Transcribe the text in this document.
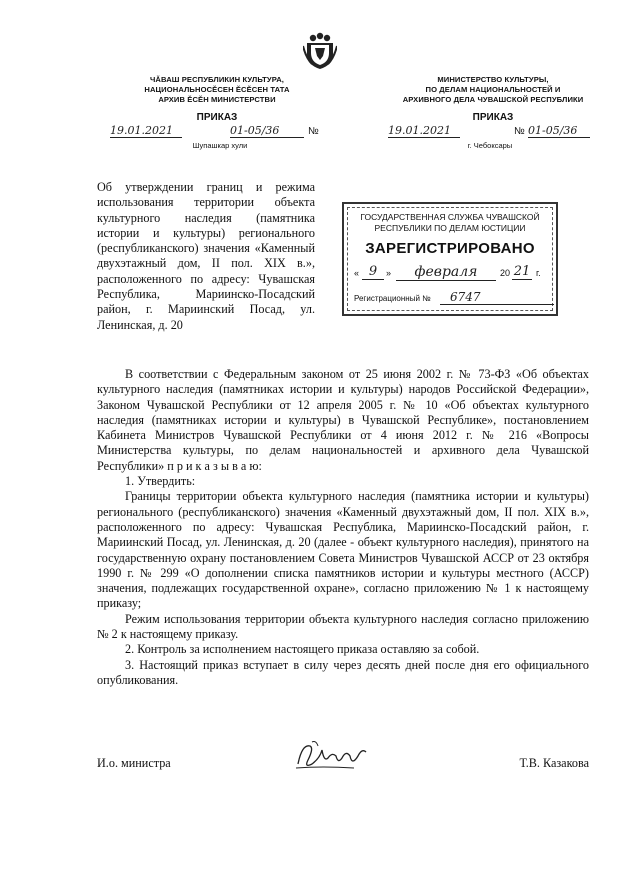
ЧĂВАШ РЕСПУБЛИКИН КУЛЬТУРА,
НАЦИОНАЛЬНОСĔСЕН ĔСĔСЕН ТАТА
АРХИВ ĔСĔН МИНИСТЕРСТВИ
ПРИКАЗ
19.01.2021	01-05/36	№
Шупашкар хули
МИНИСТЕРСТВО КУЛЬТУРЫ,
ПО ДЕЛАМ НАЦИОНАЛЬНОСТЕЙ И
АРХИВНОГО ДЕЛА ЧУВАШСКОЙ РЕСПУБЛИКИ
ПРИКАЗ
19.01.2021	№ 01-05/36
г. Чебоксары
Об утверждении границ и режима использования территории объекта культурного наследия (памятника истории и культуры) регионального (республиканского) значения «Каменный двухэтажный дом, II пол. XIX в.», расположенного по адресу: Чувашская Республика, Мариинско-Посадский район, г. Мариинский Посад, ул. Ленинская, д. 20
ГОСУДАРСТВЕННАЯ СЛУЖБА ЧУВАШСКОЙ
РЕСПУБЛИКИ ПО ДЕЛАМ ЮСТИЦИИ
ЗАРЕГИСТРИРОВАНО
« 9 »	февраля	20 21 г.
Регистрационный №	6747

В соответствии с Федеральным законом от 25 июня 2002 г. № 73-ФЗ «Об объектах культурного наследия (памятниках истории и культуры) народов Российской Федерации», Законом Чувашской Республики от 12 апреля 2005 г. № 10 «Об объектах культурного наследия (памятниках истории и культуры) в Чувашской Республике», постановлением Кабинета Министров Чувашской Республики от 4 июня 2012 г. № 216 «Вопросы Министерства культуры, по делам национальностей и архивного дела Чувашской Республики» п р и к а з ы в а ю:

1. Утвердить:

Границы территории объекта культурного наследия (памятника истории и культуры) регионального (республиканского) значения «Каменный двухэтажный дом, II пол. XIX в.», расположенного по адресу: Чувашская Республика, Мариинско-Посадский район, г. Мариинский Посад, ул. Ленинская, д. 20 (далее - объект культурного наследия), принятого на государственную охрану постановлением Совета Министров Чувашской АССР от 23 октября 1990 г. № 299 «О дополнении списка памятников истории и культуры местного (АССР) значения, подлежащих государственной охране», согласно приложению № 1 к настоящему приказу;

Режим использования территории объекта культурного наследия согласно приложению № 2 к настоящему приказу.

2. Контроль за исполнением настоящего приказа оставляю за собой.

3. Настоящий приказ вступает в силу через десять дней после дня его официального опубликования.

И.о. министра	Т.В. Казакова
